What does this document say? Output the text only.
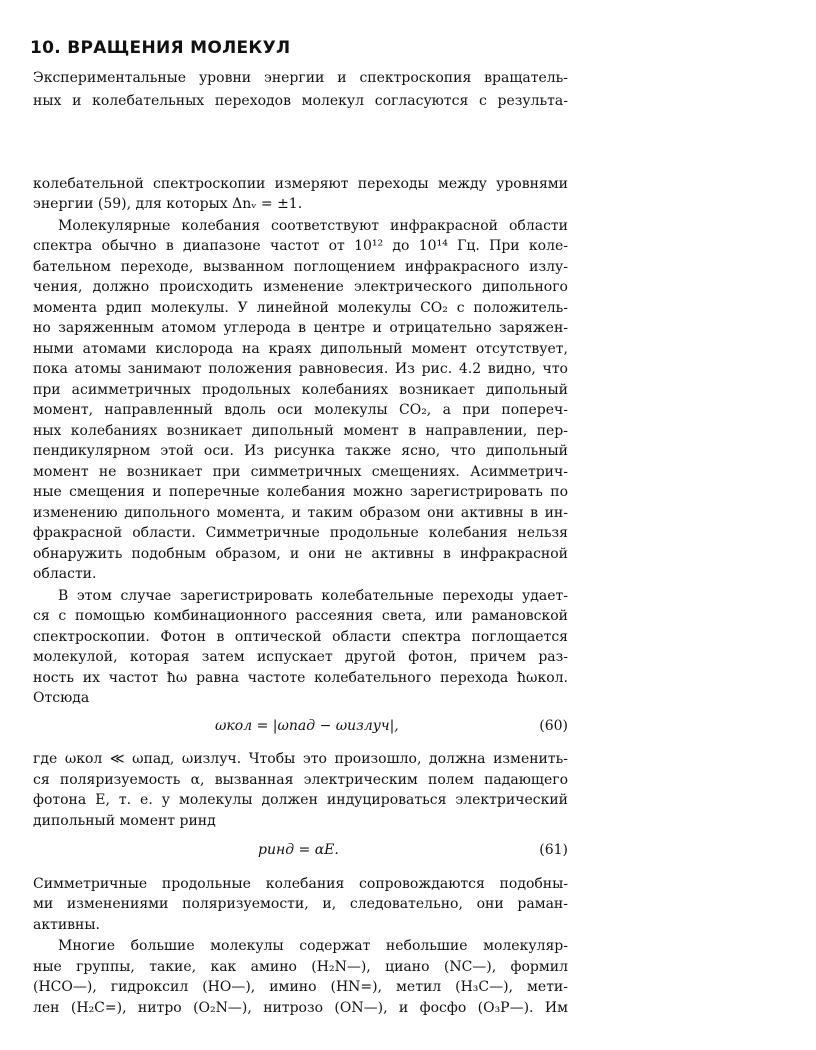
10. ВРАЩЕНИЯ МОЛЕКУЛ
Экспериментальные уровни энергии и спектроскопия вращатель-
ных и колебательных переходов молекул согласуются с результа-
колебательной спектроскопии измеряют переходы между уровнями
энергии (59), для которых Δnᵥ = ±1.
Молекулярные колебания соответствуют инфракрасной области
спектра обычно в диапазоне частот от 10¹² до 10¹⁴ Гц. При коле-
бательном переходе, вызванном поглощением инфракрасного излу-
чения, должно происходить изменение электрического дипольного
момента pдип молекулы. У линейной молекулы CO₂ с положитель-
но заряженным атомом углерода в центре и отрицательно заряжен-
ными атомами кислорода на краях дипольный момент отсутствует,
пока атомы занимают положения равновесия. Из рис. 4.2 видно, что
при асимметричных продольных колебаниях возникает дипольный
момент, направленный вдоль оси молекулы CO₂, а при попереч-
ных колебаниях возникает дипольный момент в направлении, пер-
пендикулярном этой оси. Из рисунка также ясно, что дипольный
момент не возникает при симметричных смещениях. Асимметрич-
ные смещения и поперечные колебания можно зарегистрировать по
изменению дипольного момента, и таким образом они активны в ин-
фракрасной области. Симметричные продольные колебания нельзя
обнаружить подобным образом, и они не активны в инфракрасной
области.
В этом случае зарегистрировать колебательные переходы удает-
ся с помощью комбинационного рассеяния света, или рамановской
спектроскопии. Фотон в оптической области спектра поглощается
молекулой, которая затем испускает другой фотон, причем раз-
ность их частот ħω равна частоте колебательного перехода ħωкол.
Отсюда
ωкол = |ωпад − ωизлуч|,	(60)
где ωкол ≪ ωпад, ωизлуч. Чтобы это произошло, должна изменить-
ся поляризуемость α, вызванная электрическим полем падающего
фотона E, т. е. у молекулы должен индуцироваться электрический
дипольный момент pинд
pинд = αE.	(61)
Симметричные продольные колебания сопровождаются подобны-
ми изменениями поляризуемости, и, следовательно, они раман-
активны.
Многие большие молекулы содержат небольшие молекуляр-
ные группы, такие, как амино (H₂N—), циано (NC—), формил
(HCO—), гидроксил (HO—), имино (HN=), метил (H₃C—), мети-
лен (H₂C=), нитро (O₂N—), нитрозо (ON—), и фосфо (O₃P—). Им
